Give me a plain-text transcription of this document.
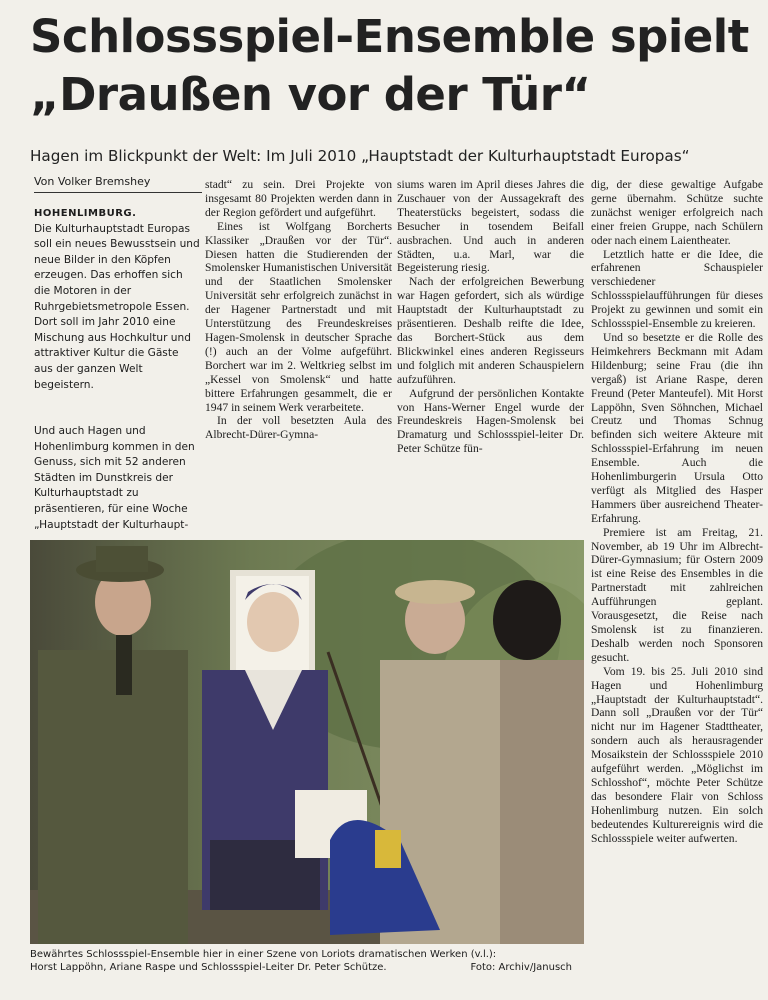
Schlossspiel-Ensemble spielt
„Draußen vor der Tür“
Hagen im Blickpunkt der Welt: Im Juli 2010 „Hauptstadt der Kulturhauptstadt Europas“
Von Volker Bremshey

HOHENLIMBURG.
Die Kulturhauptstadt Europas soll ein neues Bewusstsein und neue Bilder in den Köpfen erzeugen. Das erhoffen sich die Motoren in der Ruhrgebietsmetropole Essen. Dort soll im Jahr 2010 eine Mischung aus Hochkultur und attraktiver Kultur die Gäste aus der ganzen Welt begeistern.

Und auch Hagen und Hohenlimburg kommen in den Genuss, sich mit 52 anderen Städten im Dunstkreis der Kulturhauptstadt zu präsentieren, für eine Woche „Hauptstadt der Kulturhaupt-

stadt“ zu sein. Drei Projekte von insgesamt 80 Projekten werden dann in der Region gefördert und aufgeführt.

Eines ist Wolfgang Borcherts Klassiker „Draußen vor der Tür“. Diesen hatten die Studierenden der Smolensker Humanistischen Universität und der Staatlichen Smolensker Universität sehr erfolgreich zunächst in der Hagener Partnerstadt und mit Unterstützung des Freundeskreises Hagen-Smolensk in deutscher Sprache (!) auch an der Volme aufgeführt. Borchert war im 2. Weltkrieg selbst im „Kessel von Smolensk“ und hatte bittere Erfahrungen gesammelt, die er 1947 in seinem Werk verarbeitete.

In der voll besetzten Aula des Albrecht-Dürer-Gymna-

siums waren im April dieses Jahres die Zuschauer von der Aussagekraft des Theaterstücks begeistert, sodass die Besucher in tosendem Beifall ausbrachen. Und auch in anderen Städten, u.a. Marl, war die Begeisterung riesig.

Nach der erfolgreichen Bewerbung war Hagen gefordert, sich als würdige Hauptstadt der Kulturhauptstadt zu präsentieren. Deshalb reifte die Idee, das Borchert-Stück aus dem Blickwinkel eines anderen Regisseurs und folglich mit anderen Schauspielern aufzuführen.

Aufgrund der persönlichen Kontakte von Hans-Werner Engel wurde der Freundeskreis Hagen-Smolensk bei Dramaturg und Schlossspiel-leiter Dr. Peter Schütze fün-

dig, der diese gewaltige Aufgabe gerne übernahm. Schütze suchte zunächst weniger erfolgreich nach einer freien Gruppe, nach Schülern oder nach einem Laientheater.

Letztlich hatte er die Idee, die erfahrenen Schauspieler verschiedener Schlossspielaufführungen für dieses Projekt zu gewinnen und somit ein Schlossspiel-Ensemble zu kreieren.

Und so besetzte er die Rolle des Heimkehrers Beckmann mit Adam Hildenburg; seine Frau (die ihn vergaß) ist Ariane Raspe, deren Freund (Peter Manteufel). Mit Horst Lappöhn, Sven Söhnchen, Michael Creutz und Thomas Schnug befinden sich weitere Akteure mit Schlossspiel-Erfahrung im neuen Ensemble. Auch die Hohenlimburgerin Ursula Otto verfügt als Mitglied des Hasper Hammers über ausreichend Theater-Erfahrung.

Premiere ist am Freitag, 21. November, ab 19 Uhr im Albrecht-Dürer-Gymnasium; für Ostern 2009 ist eine Reise des Ensembles in die Partnerstadt mit zahlreichen Aufführungen geplant. Vorausgesetzt, die Reise nach Smolensk ist zu finanzieren. Deshalb werden noch Sponsoren gesucht.

Vom 19. bis 25. Juli 2010 sind Hagen und Hohenlimburg „Hauptstadt der Kulturhauptstadt“. Dann soll „Draußen vor der Tür“ nicht nur im Hagener Stadttheater, sondern auch als herausragender Mosaikstein der Schlossspiele 2010 aufgeführt werden. „Möglichst im Schlosshof“, möchte Peter Schütze das besondere Flair von Schloss Hohenlimburg nutzen. Ein solch bedeutendes Kulturereignis wird die Schlossspiele weiter aufwerten.

Bewährtes Schlossspiel-Ensemble hier in einer Szene von Loriots dramatischen Werken (v.l.):
Horst Lappöhn, Ariane Raspe und Schlossspiel-Leiter Dr. Peter Schütze.	Foto: Archiv/Janusch
